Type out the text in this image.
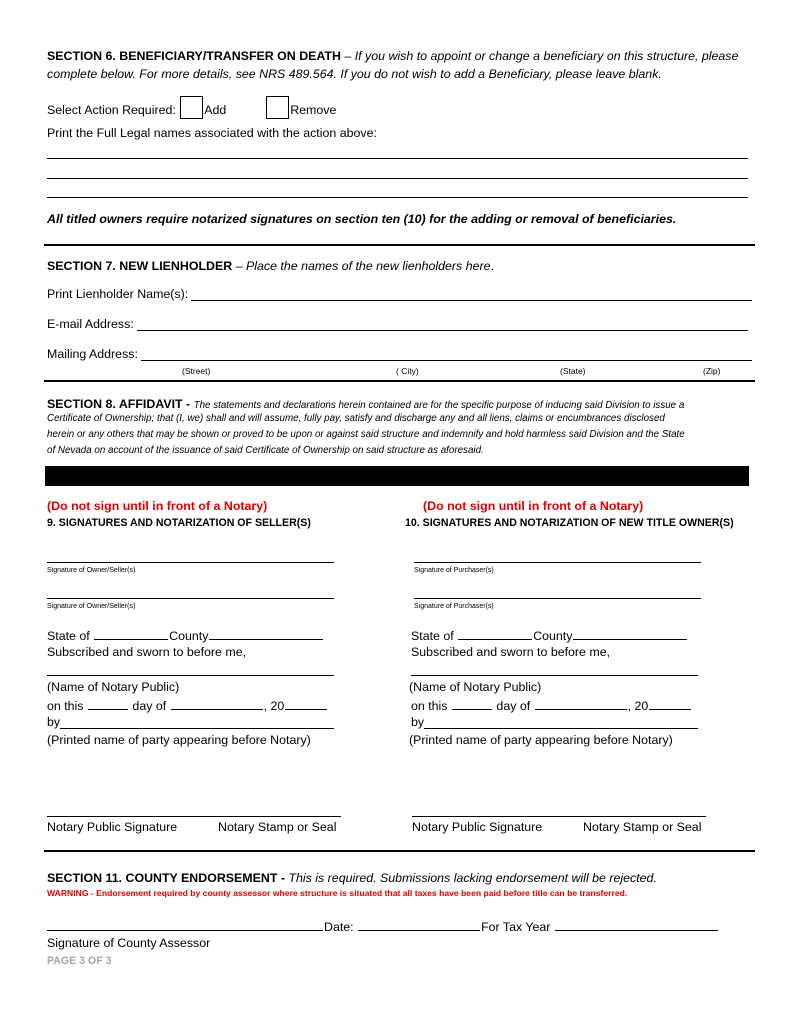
SECTION 6. BENEFICIARY/TRANSFER ON DEATH – If you wish to appoint or change a beneficiary on this structure, please
complete below. For more details, see NRS 489.564. If you do not wish to add a Beneficiary, please leave blank.
Select Action Required: Add	Remove
Print the Full Legal names associated with the action above:
All titled owners require notarized signatures on section ten (10) for the adding or removal of beneficiaries.
SECTION 7. NEW LIENHOLDER – Place the names of the new lienholders here.
Print Lienholder Name(s):
E-mail Address:
Mailing Address:
(Street)	( City)	(State)	(Zip)
SECTION 8. AFFIDAVIT - The statements and declarations herein contained are for the specific purpose of inducing said Division to issue a
Certificate of Ownership; that (I, we) shall and will assume, fully pay, satisfy and discharge any and all liens, claims or encumbrances disclosed
herein or any others that may be shown or proved to be upon or against said structure and indemnify and hold harmless said Division and the State
of Nevada on account of the issuance of said Certificate of Ownership on said structure as aforesaid.
(Do not sign until in front of a Notary)
9. SIGNATURES AND NOTARIZATION OF SELLER(S)
Signature of Owner/Seller(s)
Signature of Owner/Seller(s)
State of	County
Subscribed and sworn to before me,
(Name of Notary Public)
on this	day of	, 20
by
(Printed name of party appearing before Notary)
Notary Public Signature	Notary Stamp or Seal
(Do not sign until in front of a Notary)
10. SIGNATURES AND NOTARIZATION OF NEW TITLE OWNER(S)
Signature of Purchaser(s)
Signature of Purchaser(s)
State of	County
Subscribed and sworn to before me,
(Name of Notary Public)
on this	day of	, 20
by
(Printed name of party appearing before Notary)
Notary Public Signature	Notary Stamp or Seal
SECTION 11. COUNTY ENDORSEMENT - This is required. Submissions lacking endorsement will be rejected.
WARNING - Endorsement required by county assessor where structure is situated that all taxes have been paid before title can be transferred.
Date:	For Tax Year
Signature of County Assessor
PAGE 3 OF 3
